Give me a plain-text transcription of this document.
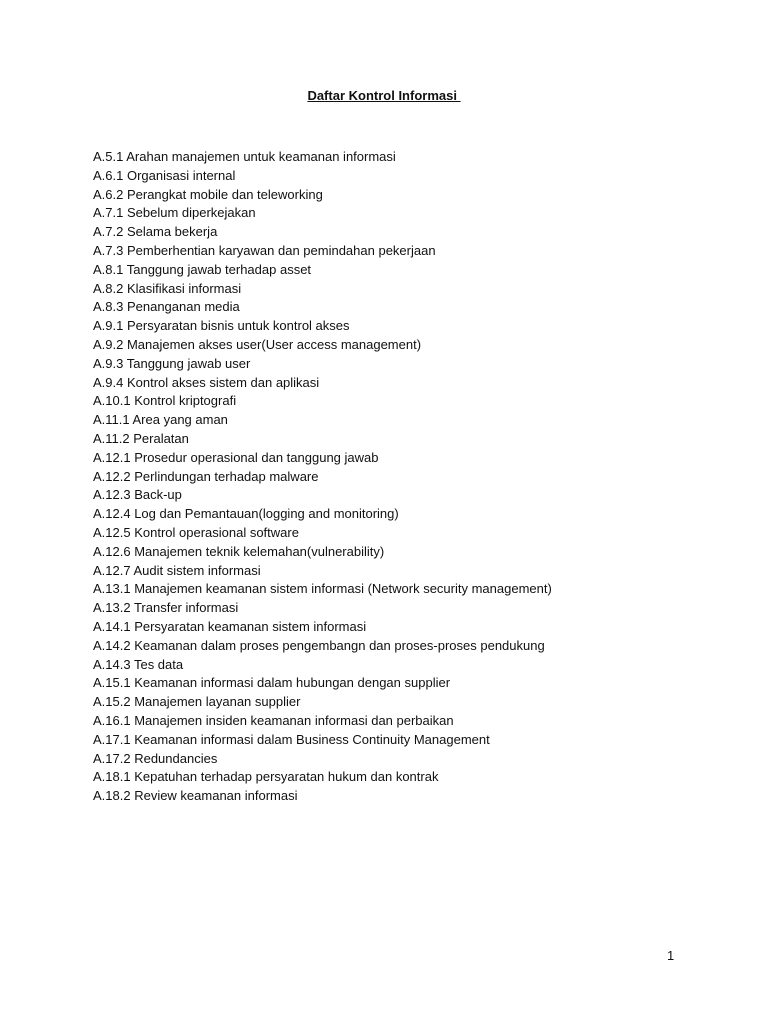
Daftar Kontrol Informasi
A.5.1 Arahan manajemen untuk keamanan informasi
A.6.1 Organisasi internal
A.6.2 Perangkat mobile dan teleworking
A.7.1 Sebelum diperkejakan
A.7.2 Selama bekerja
A.7.3 Pemberhentian karyawan dan pemindahan pekerjaan
A.8.1 Tanggung jawab terhadap asset
A.8.2 Klasifikasi informasi
A.8.3 Penanganan media
A.9.1 Persyaratan bisnis untuk kontrol akses
A.9.2 Manajemen akses user(User access management)
A.9.3 Tanggung jawab user
A.9.4 Kontrol akses sistem dan aplikasi
A.10.1 Kontrol kriptografi
A.11.1 Area yang aman
A.11.2 Peralatan
A.12.1 Prosedur operasional dan tanggung jawab
A.12.2 Perlindungan terhadap malware
A.12.3 Back-up
A.12.4 Log dan Pemantauan(logging and monitoring)
A.12.5 Kontrol operasional software
A.12.6 Manajemen teknik kelemahan(vulnerability)
A.12.7 Audit sistem informasi
A.13.1 Manajemen keamanan sistem informasi (Network security management)
A.13.2 Transfer informasi
A.14.1 Persyaratan keamanan sistem informasi
A.14.2 Keamanan dalam proses pengembangn dan proses-proses pendukung
A.14.3 Tes data
A.15.1 Keamanan informasi dalam hubungan dengan supplier
A.15.2 Manajemen layanan supplier
A.16.1 Manajemen insiden keamanan informasi dan perbaikan
A.17.1 Keamanan informasi dalam Business Continuity Management
A.17.2 Redundancies
A.18.1 Kepatuhan terhadap persyaratan hukum dan kontrak
A.18.2 Review keamanan informasi
1
